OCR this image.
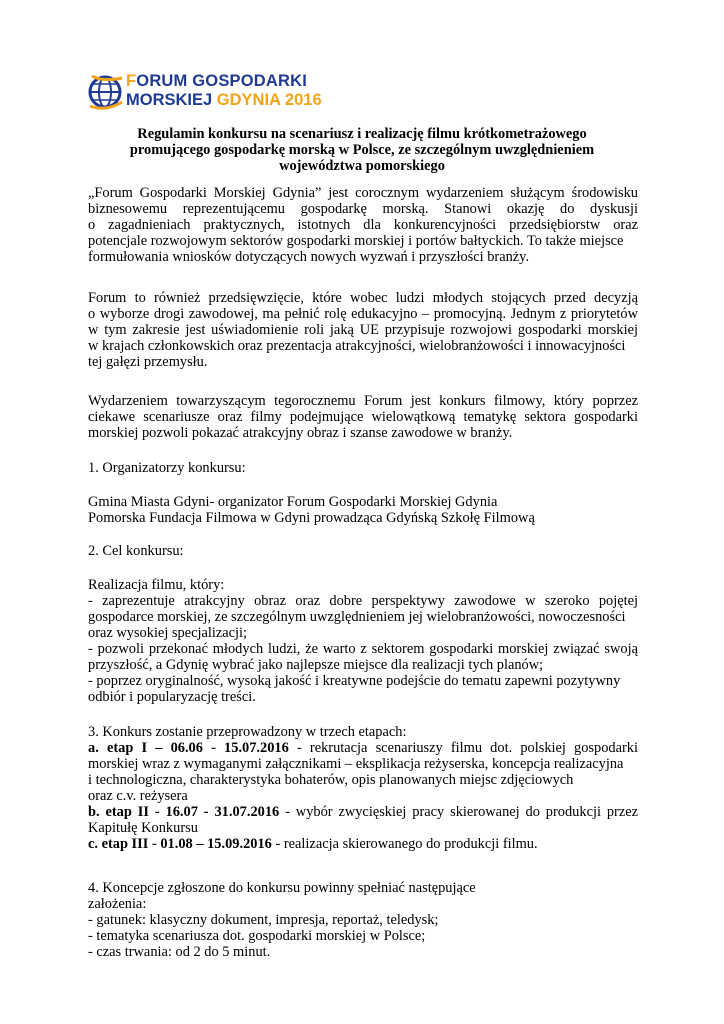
FORUM GOSPODARKI
MORSKIEJ GDYNIA 2016
Regulamin konkursu na scenariusz i realizację filmu krótkometrażowego
promującego gospodarkę morską w Polsce, ze szczególnym uwzględnieniem
województwa pomorskiego
„Forum Gospodarki Morskiej Gdynia” jest corocznym wydarzeniem służącym środowisku
biznesowemu reprezentującemu gospodarkę morską. Stanowi okazję do dyskusji
o zagadnieniach praktycznych, istotnych dla konkurencyjności przedsiębiorstw oraz
potencjale rozwojowym sektorów gospodarki morskiej i portów bałtyckich. To także miejsce
formułowania wniosków dotyczących nowych wyzwań i przyszłości branży.
Forum to również przedsięwzięcie, które wobec ludzi młodych stojących przed decyzją
o wyborze drogi zawodowej, ma pełnić rolę edukacyjno – promocyjną. Jednym z priorytetów
w tym zakresie jest uświadomienie roli jaką UE przypisuje rozwojowi gospodarki morskiej
w krajach członkowskich oraz prezentacja atrakcyjności, wielobranżowości i innowacyjności
tej gałęzi przemysłu.
Wydarzeniem towarzyszącym tegorocznemu Forum jest konkurs filmowy, który poprzez
ciekawe scenariusze oraz filmy podejmujące wielowątkową tematykę sektora gospodarki
morskiej pozwoli pokazać atrakcyjny obraz i szanse zawodowe w branży.
1. Organizatorzy konkursu:
Gmina Miasta Gdyni- organizator Forum Gospodarki Morskiej Gdynia
Pomorska Fundacja Filmowa w Gdyni prowadząca Gdyńską Szkołę Filmową
2. Cel konkursu:
Realizacja filmu, który:
- zaprezentuje atrakcyjny obraz oraz dobre perspektywy zawodowe w szeroko pojętej
gospodarce morskiej, ze szczególnym uwzględnieniem jej wielobranżowości, nowoczesności
oraz wysokiej specjalizacji;
- pozwoli przekonać młodych ludzi, że warto z sektorem gospodarki morskiej związać swoją
przyszłość, a Gdynię wybrać jako najlepsze miejsce dla realizacji tych planów;
- poprzez oryginalność, wysoką jakość i kreatywne podejście do tematu zapewni pozytywny
odbiór i popularyzację treści.
3. Konkurs zostanie przeprowadzony w trzech etapach:
a. etap I – 06.06 - 15.07.2016 - rekrutacja scenariuszy filmu dot. polskiej gospodarki
morskiej wraz z wymaganymi załącznikami – eksplikacja reżyserska, koncepcja realizacyjna
i technologiczna, charakterystyka bohaterów, opis planowanych miejsc zdjęciowych
oraz c.v. reżysera
b. etap II - 16.07 - 31.07.2016 - wybór zwycięskiej pracy skierowanej do produkcji przez
Kapitułę Konkursu
c. etap III - 01.08 – 15.09.2016 - realizacja skierowanego do produkcji filmu.
4. Koncepcje zgłoszone do konkursu powinny spełniać następujące
założenia:
- gatunek: klasyczny dokument, impresja, reportaż, teledysk;
- tematyka scenariusza dot. gospodarki morskiej w Polsce;
- czas trwania: od 2 do 5 minut.
